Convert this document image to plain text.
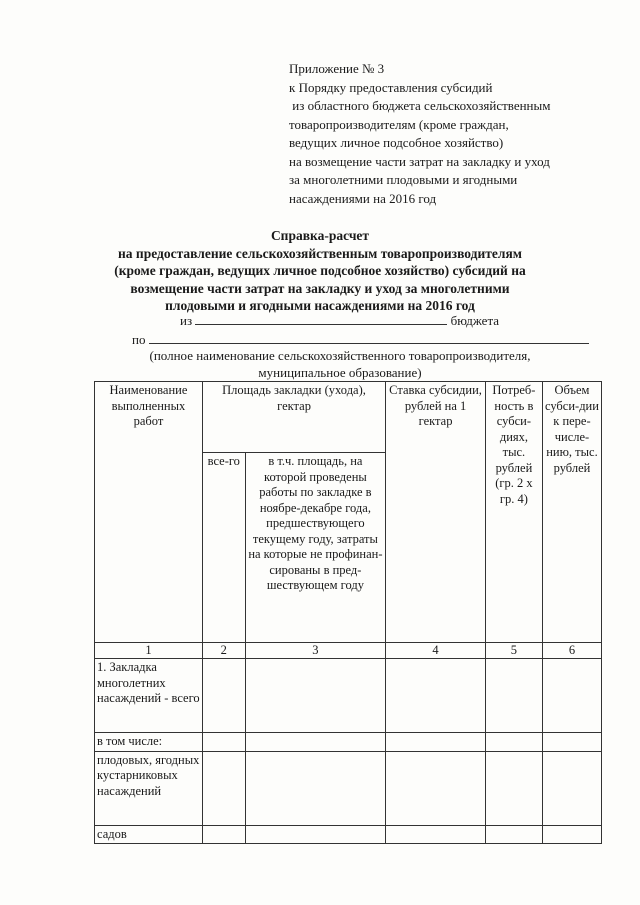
Приложение № 3
к Порядку предоставления субсидий
из областного бюджета сельскохозяйственным
товаропроизводителям (кроме граждан,
ведущих личное подсобное хозяйство)
на возмещение части затрат на закладку и уход
за многолетними плодовыми и ягодными
насаждениями на 2016 год
Справка-расчет
на предоставление сельскохозяйственным товаропроизводителям
(кроме граждан, ведущих личное подсобное хозяйство) субсидий на
возмещение части затрат на закладку и уход за многолетними
плодовыми и ягодными насаждениями на 2016 год
из	бюджета
по
(полное наименование сельскохозяйственного товаропроизводителя,
муниципальное образование)
Наименование выполненных работ	Площадь закладки (ухода), гектар		Ставка субсидии, рублей на 1 гектар	Потреб-ность в субси-диях, тыс. рублей (гр. 2 х гр. 4)	Объем субси-дии к пере-числе-нию, тыс. рублей
	все-го	в т.ч. площадь, на которой проведены работы по закладке в ноябре-декабре года, предшествующего текущему году, затраты на которые не профинан-сированы в пред-шествующем году			
1	2	3	4	5	6
1. Закладка многолетних насаждений - всего					
в том числе:					
плодовых, ягодных кустарниковых насаждений					
садов					
